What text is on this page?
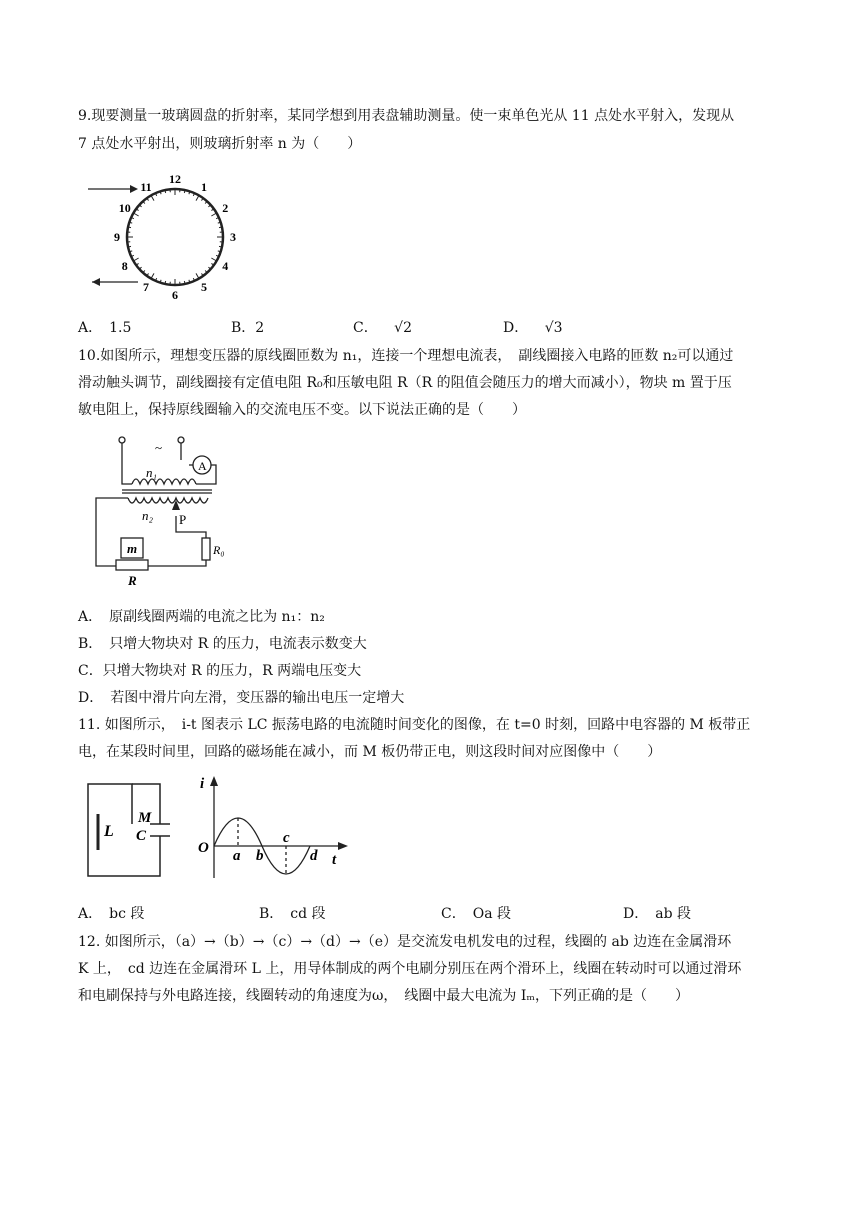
9.现要测量一玻璃圆盘的折射率，某同学想到用表盘辅助测量。使一束单色光从 11 点处水平射入，发现从
7 点处水平射出，则玻璃折射率 n 为（　　）
12
1
2
3
4
5
6
7
8
9
10
11
A．　1.5	B．2	C． √2	D． √3
10.如图所示，理想变压器的原线圈匝数为 n₁，连接一个理想电流表，　副线圈接入电路的匝数 n₂可以通过
滑动触头调节，副线圈接有定值电阻 R₀和压敏电阻 R（R 的阻值会随压力的增大而减小），物块 m 置于压
敏电阻上，保持原线圈输入的交流电压不变。以下说法正确的是（　　）
~
n₁	A
n₂ P
R₀
m
R
A．　原副线圈两端的电流之比为 n₁：n₂
B．　只增大物块对 R 的压力，电流表示数变大
C．只增大物块对 R 的压力，R 两端电压变大
D．　若图中滑片向左滑，变压器的输出电压一定增大
11. 如图所示，　i-t 图表示 LC 振荡电路的电流随时间变化的图像，在 t=0 时刻，回路中电容器的 M 板带正
电，在某段时间里，回路的磁场能在减小，而 M 板仍带正电，则这段时间对应图像中（　　）
L
M
C
i
O a b
c
d t
A．　bc 段	B．　cd 段	C．　Oa 段	D．　ab 段
12. 如图所示，（a）→（b）→（c）→（d）→（e）是交流发电机发电的过程，线圈的 ab 边连在金属滑环
K 上，　cd 边连在金属滑环 L 上，用导体制成的两个电刷分别压在两个滑环上，线圈在转动时可以通过滑环
和电刷保持与外电路连接，线圈转动的角速度为ω，　线圈中最大电流为 Iₘ，下列正确的是（　　）
